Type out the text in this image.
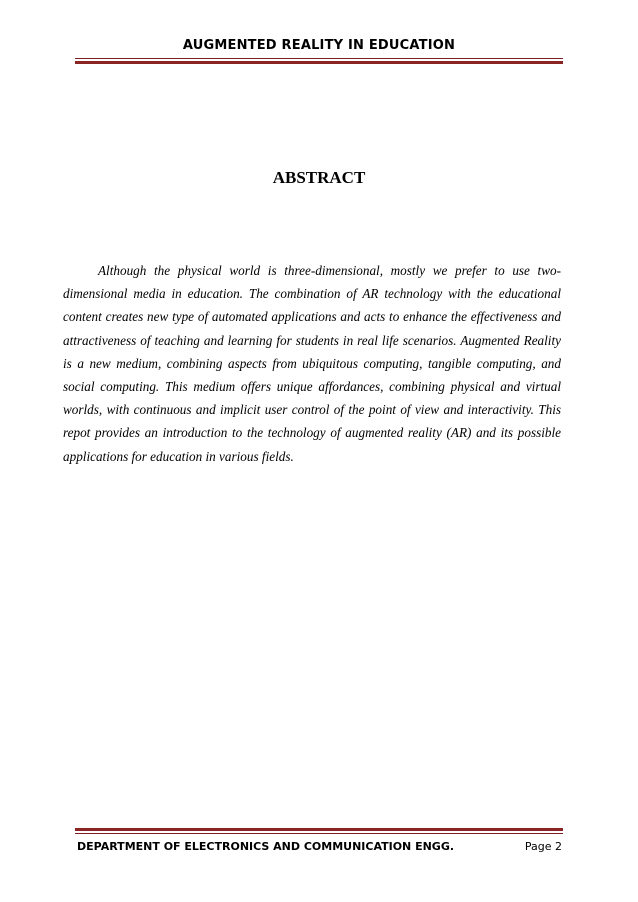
AUGMENTED REALITY IN EDUCATION
ABSTRACT
Although the physical world is three-dimensional, mostly we prefer to use two-dimensional media in education. The combination of AR technology with the educational content creates new type of automated applications and acts to enhance the effectiveness and attractiveness of teaching and learning for students in real life scenarios. Augmented Reality is a new medium, combining aspects from ubiquitous computing, tangible computing, and social computing. This medium offers unique affordances, combining physical and virtual worlds, with continuous and implicit user control of the point of view and interactivity. This repot provides an introduction to the technology of augmented reality (AR) and its possible applications for education in various fields.
DEPARTMENT OF ELECTRONICS AND COMMUNICATION ENGG.	Page 2
